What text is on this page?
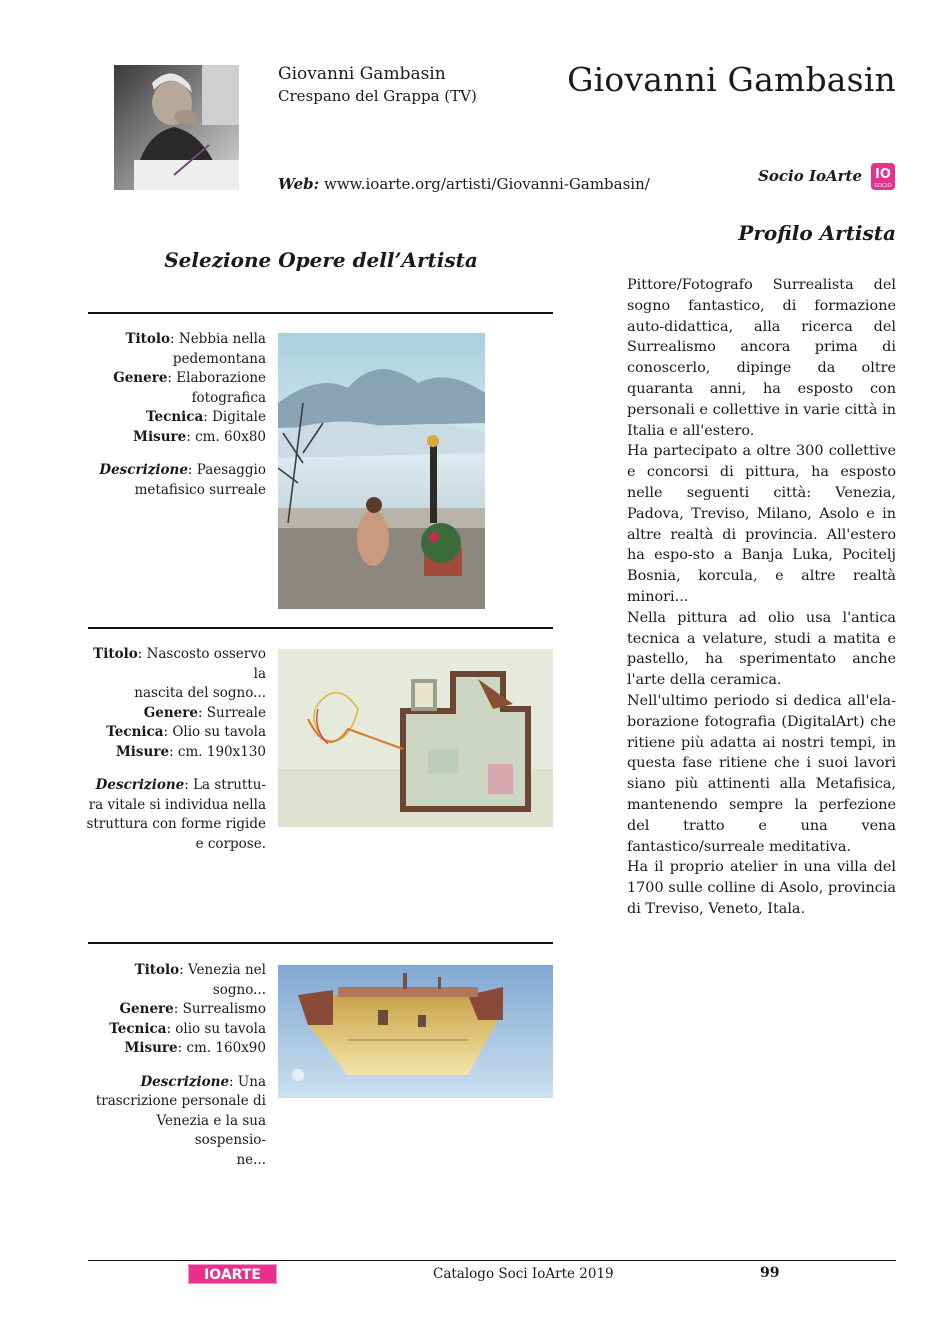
Giovanni Gambasin
Crespano del Grappa (TV)	Giovanni Gambasin
Web: www.ioarte.org/artisti/Giovanni-Gambasin/	Socio IoArte IO
SOCIO
Profilo Artista
Selezione Opere dell’Artista

Titolo: Nebbia nella

pedemontana

Genere: Elaborazione

fotografica

Tecnica: Digitale

Misure: cm. 60x80

Descrizione: Paesaggio

metafisico surreale

Titolo: Nascosto osservo la

nascita del sogno...

Genere: Surreale

Tecnica: Olio su tavola

Misure: cm. 190x130

Descrizione: La struttu-

ra vitale si individua nella

struttura con forme rigide

e corpose.

Titolo: Venezia nel sogno...

Genere: Surrealismo

Tecnica: olio su tavola

Misure: cm. 160x90

Descrizione: Una

trascrizione personale di

Venezia e la sua sospensio-

ne...

Pittore/Fotografo Surrealista del sogno fantastico, di formazione auto-didattica, alla ricerca del Surrealismo ancora prima di conoscerlo, dipinge da oltre quaranta anni, ha esposto con personali e collettive in varie città in Italia e all'estero.

Ha partecipato a oltre 300 collettive e concorsi di pittura, ha esposto nelle seguenti città: Venezia, Padova, Treviso, Milano, Asolo e in altre realtà di provincia. All'estero ha espo-sto a Banja Luka, Pocitelj Bosnia, korcula, e altre realtà minori...

Nella pittura ad olio usa l'antica tecnica a velature, studi a matita e pastello, ha sperimentato anche l'arte della ceramica.

Nell'ultimo periodo si dedica all'ela-borazione fotografia (DigitalArt) che ritiene più adatta ai nostri tempi, in questa fase ritiene che i suoi lavori siano più attinenti alla Metafisica, mantenendo sempre la perfezione del tratto e una vena fantastico/surreale meditativa.

Ha il proprio atelier in una villa del 1700 sulle colline di Asolo, provincia di Treviso, Veneto, Itala.

IOARTE	Catalogo Soci IoArte 2019	99
